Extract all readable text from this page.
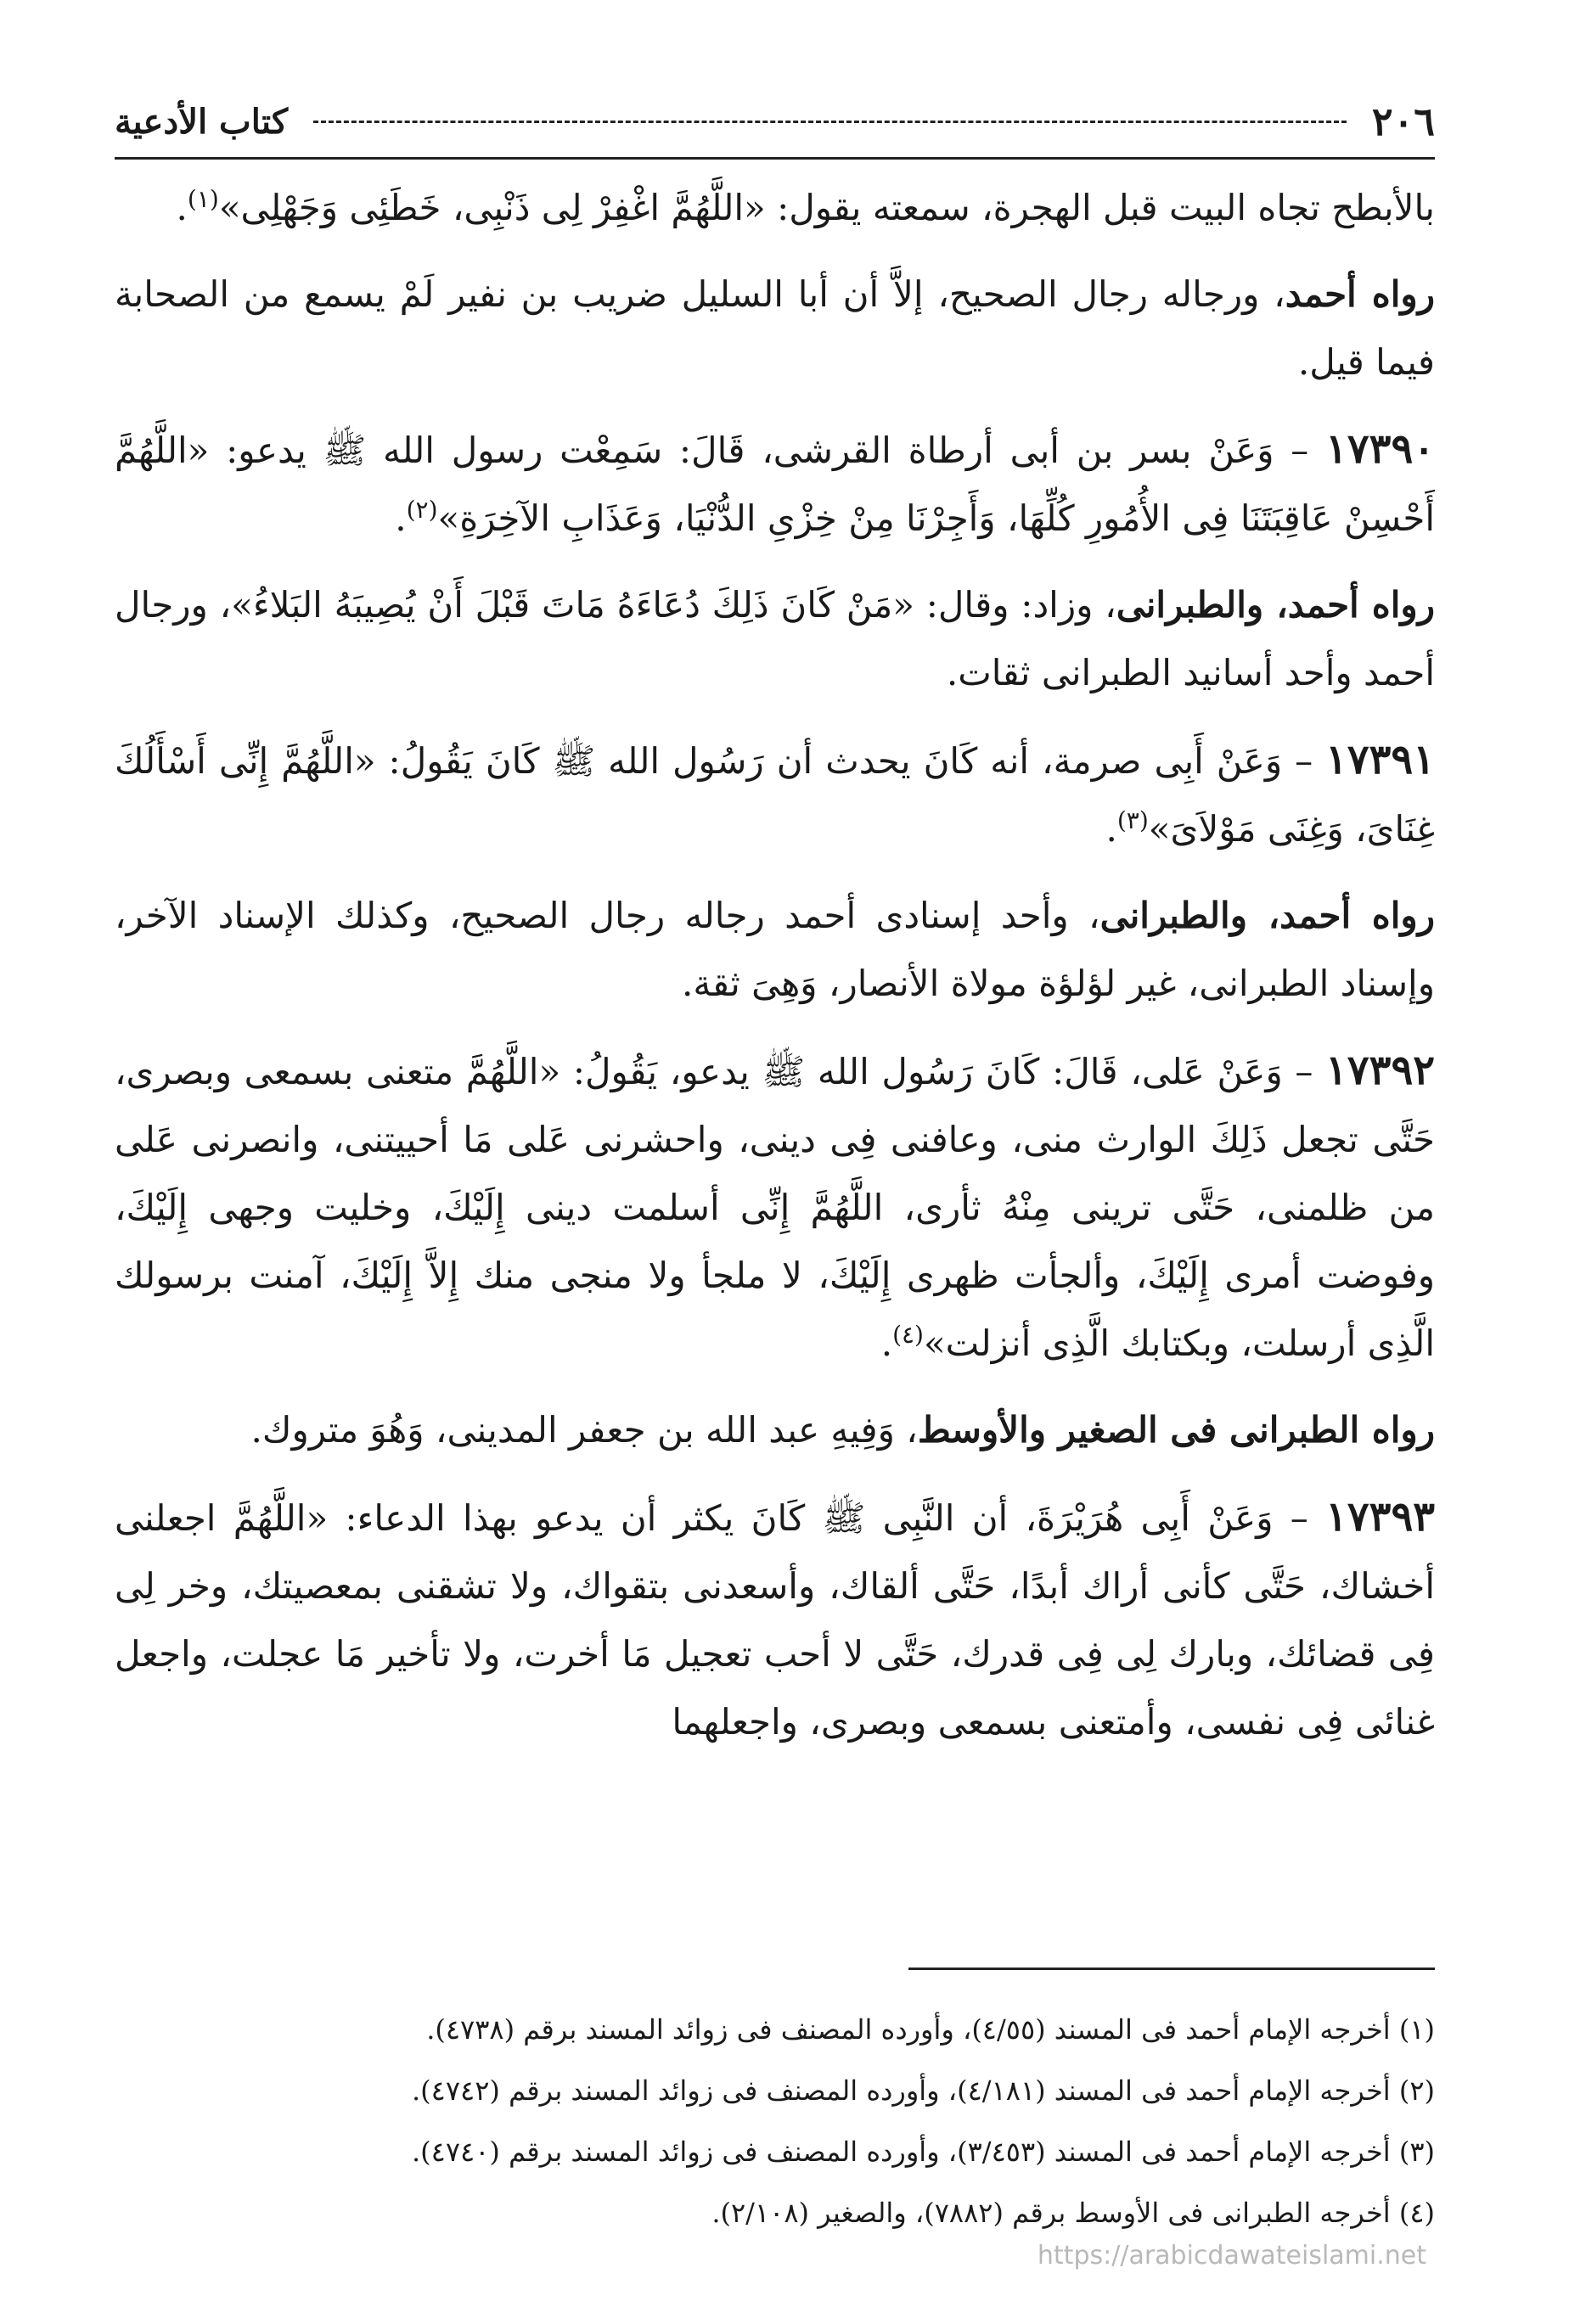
٢٠٦
كتاب الأدعية

بالأبطح تجاه البيت قبل الهجرة، سمعته يقول: «اللَّهُمَّ اغْفِرْ لِى ذَنْبِى، خَطَئِى وَجَهْلِى»$^{(١)}$.

رواه أحمد، ورجاله رجال الصحيح، إلاَّ أن أبا السليل ضريب بن نفير لَمْ يسمع من الصحابة فيما قيل.

١٧٣٩٠ – وَعَنْ بسر بن أبى أرطاة القرشى، قَالَ: سَمِعْت رسول الله ﷺ يدعو: «اللَّهُمَّ أَحْسِنْ عَاقِبَتَنَا فِى الأُمُورِ كُلِّهَا، وَأَجِرْنَا مِنْ خِزْىِ الدُّنْيَا، وَعَذَابِ الآخِرَةِ»$^{(٢)}$.

رواه أحمد، والطبرانى، وزاد: وقال: «مَنْ كَانَ ذَلِكَ دُعَاءَهُ مَاتَ قَبْلَ أَنْ يُصِيبَهُ البَلاءُ»، ورجال أحمد وأحد أسانيد الطبرانى ثقات.

١٧٣٩١ – وَعَنْ أَبِى صرمة، أنه كَانَ يحدث أن رَسُول الله ﷺ كَانَ يَقُولُ: «اللَّهُمَّ إِنِّى أَسْأَلُكَ غِنَاىَ، وَغِنَى مَوْلاَىَ»$^{(٣)}$.

رواه أحمد، والطبرانى، وأحد إسنادى أحمد رجاله رجال الصحيح، وكذلك الإسناد الآخر، وإسناد الطبرانى، غير لؤلؤة مولاة الأنصار، وَهِىَ ثقة.

١٧٣٩٢ – وَعَنْ عَلى، قَالَ: كَانَ رَسُول الله ﷺ يدعو، يَقُولُ: «اللَّهُمَّ متعنى بسمعى وبصرى، حَتَّى تجعل ذَلِكَ الوارث منى، وعافنى فِى دينى، واحشرنى عَلى مَا أحييتنى، وانصرنى عَلى من ظلمنى، حَتَّى ترينى مِنْهُ ثأرى، اللَّهُمَّ إِنِّى أسلمت دينى إِلَيْكَ، وخليت وجهى إِلَيْكَ، وفوضت أمرى إِلَيْكَ، وألجأت ظهرى إِلَيْكَ، لا ملجأ ولا منجى منك إِلاَّ إِلَيْكَ، آمنت برسولك الَّذِى أرسلت، وبكتابك الَّذِى أنزلت»$^{(٤)}$.

رواه الطبرانى فى الصغير والأوسط، وَفِيهِ عبد الله بن جعفر المدينى، وَهُوَ متروك.

١٧٣٩٣ – وَعَنْ أَبِى هُرَيْرَةَ، أن النَّبِى ﷺ كَانَ يكثر أن يدعو بهذا الدعاء: «اللَّهُمَّ اجعلنى أخشاك، حَتَّى كأنى أراك أبدًا، حَتَّى ألقاك، وأسعدنى بتقواك، ولا تشقنى بمعصيتك، وخر لِى فِى قضائك، وبارك لِى فِى قدرك، حَتَّى لا أحب تعجيل مَا أخرت، ولا تأخير مَا عجلت، واجعل غنائى فِى نفسى، وأمتعنى بسمعى وبصرى، واجعلهما

(١) أخرجه الإمام أحمد فى المسند (٤/٥٥)، وأورده المصنف فى زوائد المسند برقم (٤٧٣٨).
(٢) أخرجه الإمام أحمد فى المسند (٤/١٨١)، وأورده المصنف فى زوائد المسند برقم (٤٧٤٢).
(٣) أخرجه الإمام أحمد فى المسند (٣/٤٥٣)، وأورده المصنف فى زوائد المسند برقم (٤٧٤٠).
(٤) أخرجه الطبرانى فى الأوسط برقم (٧٨٨٢)، والصغير (٢/١٠٨).
https://arabicdawateislami.net
